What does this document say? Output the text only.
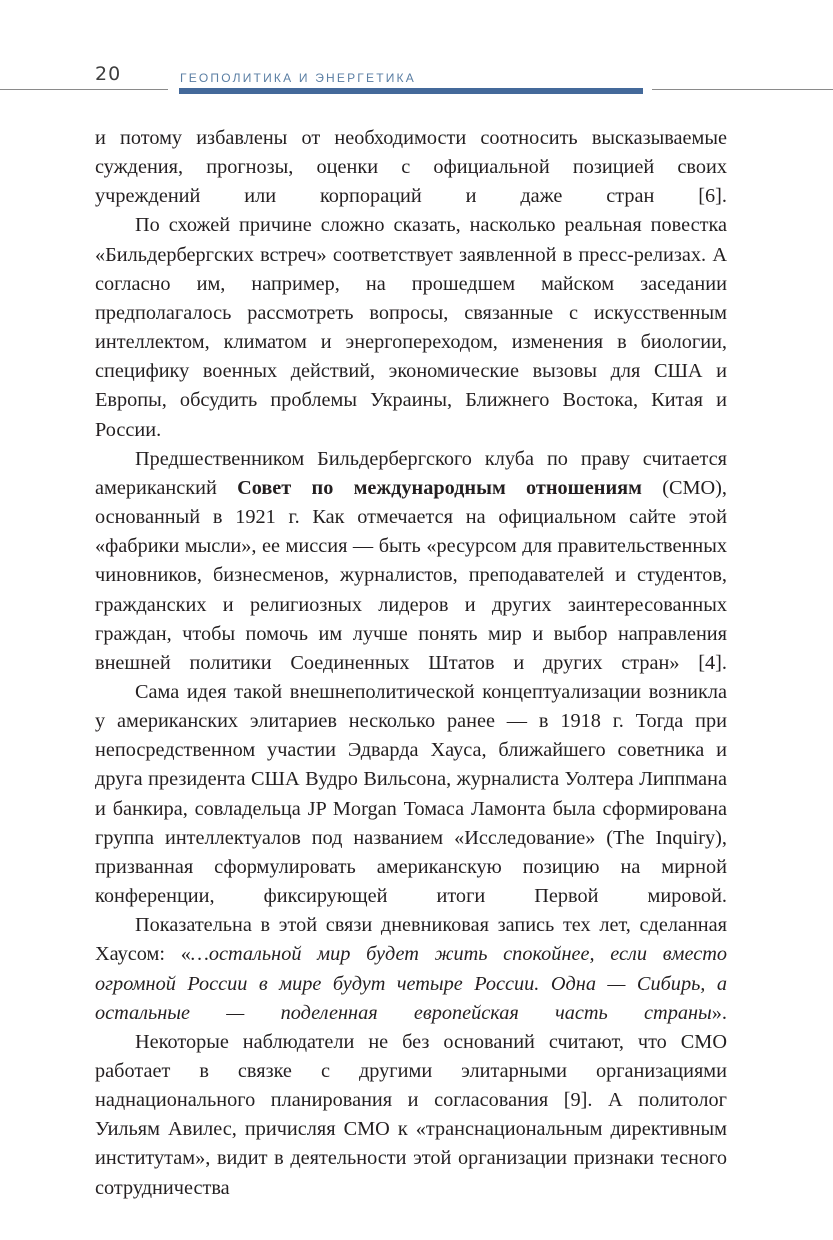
20	ГЕОПОЛИТИКА И ЭНЕРГЕТИКА

и потому избавлены от необходимости соотносить высказываемые суждения, прогнозы, оценки с официальной позицией своих учреждений или корпораций и даже стран [6].

По схожей причине сложно сказать, насколько реальная повестка «Бильдербергских встреч» соответствует заявленной в пресс-релизах. А согласно им, например, на прошедшем майском заседании предполагалось рассмотреть вопросы, связанные с искусственным интеллектом, климатом и энергопереходом, изменения в биологии, специфику военных действий, экономические вызовы для США и Европы, обсудить проблемы Украины, Ближнего Востока, Китая и России.

Предшественником Бильдербергского клуба по праву считается американский Совет по международным отношениям (СМО), основанный в 1921 г. Как отмечается на официальном сайте этой «фабрики мысли», ее миссия — быть «ресурсом для правительственных чиновников, бизнесменов, журналистов, преподавателей и студентов, гражданских и религиозных лидеров и других заинтересованных граждан, чтобы помочь им лучше понять мир и выбор направления внешней политики Соединенных Штатов и других стран» [4].

Сама идея такой внешнеполитической концептуализации возникла у американских элитариев несколько ранее — в 1918 г. Тогда при непосредственном участии Эдварда Хауса, ближайшего советника и друга президента США Вудро Вильсона, журналиста Уолтера Липпмана и банкира, совладельца JP Morgan Томаса Ламонта была сформирована группа интеллектуалов под названием «Исследование» (The Inquiry), призванная сформулировать американскую позицию на мирной конференции, фиксирующей итоги Первой мировой.

Показательна в этой связи дневниковая запись тех лет, сделанная Хаусом: «…остальной мир будет жить спокойнее, если вместо огромной России в мире будут четыре России. Одна — Сибирь, а остальные — поделенная европейская часть страны».

Некоторые наблюдатели не без оснований считают, что СМО работает в связке с другими элитарными организациями наднационального планирования и согласования [9]. А политолог Уильям Авилес, причисляя СМО к «транснациональным директивным институтам», видит в деятельности этой организации признаки тесного сотрудничества
